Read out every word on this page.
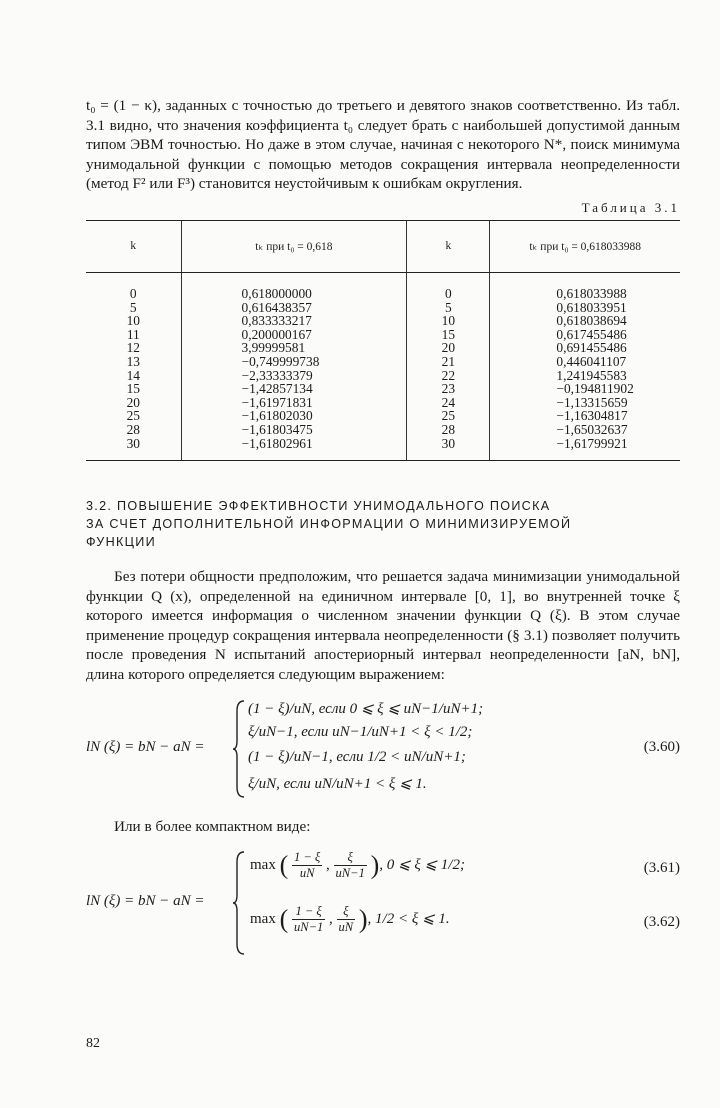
t₀ = (1 − κ), заданных с точностью до третьего и девятого знаков соответственно. Из табл. 3.1 видно, что значения коэффициента t₀ следует брать с наибольшей допустимой данным типом ЭВМ точностью. Но даже в этом случае, начиная с некоторого N*, поиск минимума унимодальной функции с помощью методов сокращения интервала неопределенности (метод F² или F³) становится неустойчивым к ошибкам округления.

Таблица 3.1
k	tₖ при t₀ = 0,618	k	tₖ при t₀ = 0,618033988
0	0,618000000	0	0,618033988
5	0,616438357	5	0,618033951
10	0,833333217	10	0,618038694
11	0,200000167	15	0,617455486
12	3,99999581	20	0,691455486
13	−0,749999738	21	0,446041107
14	−2,33333379	22	1,241945583
15	−1,42857134	23	−0,194811902
20	−1,61971831	24	−1,13315659
25	−1,61802030	25	−1,16304817
28	−1,61803475	28	−1,65032637
30	−1,61802961	30	−1,61799921
3.2. ПОВЫШЕНИЕ ЭФФЕКТИВНОСТИ УНИМОДАЛЬНОГО ПОИСКА
ЗА СЧЕТ ДОПОЛНИТЕЛЬНОЙ ИНФОРМАЦИИ О МИНИМИЗИРУЕМОЙ
ФУНКЦИИ

Без потери общности предположим, что решается задача минимизации унимодальной функции Q (x), определенной на единичном интервале [0, 1], во внутренней точке ξ которого имеется информация о численном значении функции Q (ξ). В этом случае применение процедур сокращения интервала неопределенности (§ 3.1) позволяет получить после проведения N испытаний апостериорный интервал неопределенности [aN, bN], длина которого определяется следующим выражением:

lN (ξ) = bN − aN =
(1 − ξ)/uN, если 0 ⩽ ξ ⩽ uN−1/uN+1;
ξ/uN−1, если uN−1/uN+1 < ξ < 1/2;
(1 − ξ)/uN−1, если 1/2 < uN/uN+1;
ξ/uN, если uN/uN+1 < ξ ⩽ 1.
(3.60)

Или в более компактном виде:

lN (ξ) = bN − aN =
max ( $\frac{1 - \xi}{uN}$ , $\frac{\xi}{uN-1}$ ), 0 ⩽ ξ ⩽ 1/2;	(3.61)
max ( $\frac{1 - \xi}{uN-1}$ , $\frac{\xi}{uN}$ ), 1/2 < ξ ⩽ 1.	(3.62)
82
